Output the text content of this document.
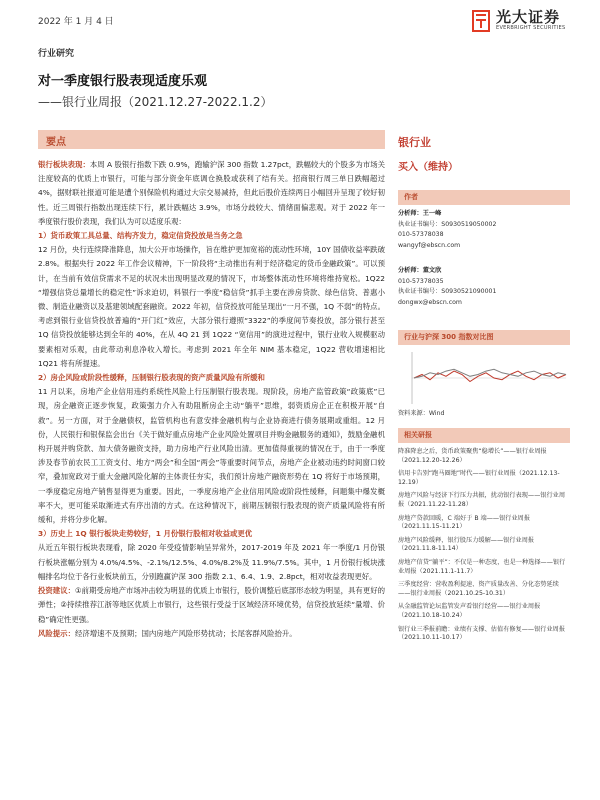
2022 年 1 月 4 日	光大证券
EVERBRIGHT SECURITIES
行业研究
对一季度银行股表现适度乐观
——银行业周报（2021.12.27-2022.1.2）
要点

银行板块表现：本周 A 股银行指数下跌 0.9%，跑输沪深 300 指数 1.27pct，跌幅较大的个股多为市场关注度较高的优质上市银行，可能与部分资金年底调仓换股或获利了结有关。招商银行周三单日跌幅超过 4%，据财联社报道可能是遭个别保险机构通过大宗交易减持，但此后股价连续两日小幅回升呈现了较好韧性。近三周银行指数出现连续下行，累计跌幅达 3.9%，市场分歧较大、情绪面偏悲观。对于 2022 年一季度银行股价表现，我们认为可以适度乐观：

1）货币政策工具总量、结构齐发力，稳定信贷投放是当务之急

12 月份，央行连续降准降息，加大公开市场操作，旨在维护更加宽裕的流动性环境，10Y 国债收益率跌破 2.8%。根据央行 2022 年工作会议精神，下一阶段将“主动推出有利于经济稳定的货币金融政策”。可以预计，在当前有效信贷需求不足的状况未出现明显改观的情况下，市场整体流动性环境将维持宽松。1Q22 “增强信贷总量增长的稳定性”诉求迫切，料银行一季度“稳信贷”抓手主要在涉房贷款、绿色信贷、普惠小微、制造业融资以及基建领域配套融资。2022 年初，信贷投放可能呈现出“一月不强，1Q 不弱”的特点。考虑到银行业信贷投放普遍的“开门红”效应，大部分银行遵照“3322”的季度间节奏投放，部分银行甚至 1Q 信贷投放能够达到全年的 40%，在从 4Q 21 到 1Q22 “宽信用”的演进过程中，银行业收入规模驱动要素相对乐观，由此带动利息净收入增长。考虑到 2021 年全年 NIM 基本稳定，1Q22 营收增速相比 1Q21 将有所提速。

2）房企风险或阶段性缓释，压制银行股表现的资产质量风险有所缓和

11 月以来，房地产企业信用违约系统性风险上行压制银行股表现。现阶段，房地产监管政策“政策底”已现，房企融资正逐步恢复，政策强力介入有助阻断房企主动“躺平”思维，弱资质房企正在积极开展“自救”。另一方面，对于金融债权，监管机构也有意安排金融机构与企业协商进行债务展期或重组。12 月份，人民银行和银保监会出台《关于做好重点房地产企业风险处置项目并购金融服务的通知》，鼓励金融机构开展并购贷款、加大债务融资支持，助力房地产行业风险出清。更加值得重视的情况在于，由于一季度涉及春节前农民工工资支付、地方“两会”和全国“两会”等重要时间节点，房地产企业被动违约时间窗口较窄，叠加宽政对于重大金融风险化解的主体责任夯实，我们预计房地产融资形势在 1Q 将好于市场预期，一季度稳定房地产销售显得更为重要。因此，一季度房地产企业信用风险或阶段性缓释，问题集中爆发概率不大，更可能采取渐进式有序出清的方式。在这种情况下，前期压制银行股表现的资产质量风险将有所缓和，并将分步化解。

3）历史上 1Q 银行板块走势较好，1 月份银行股相对收益或更优

从近五年银行板块表现看，除 2020 年受疫情影响呈异常外，2017-2019 年及 2021 年一季度/1 月份银行板块涨幅分别为 4.0%/4.5%、-2.1%/12.5%、4.0%/8.2%及 11.9%/7.5%。其中，1 月份银行板块涨幅排名均位于各行业板块前五，分别跑赢沪深 300 指数 2.1、6.4、1.9、2.8pct，相对收益表现更好。

投资建议：①前期受房地产市场冲击较为明显的优质上市银行，股价调整后底部形态较为明显，具有更好的弹性；②持续推荐江浙等地区优质上市银行，这些银行受益于区域经济环境优势，信贷投放延续“量增、价稳”确定性更强。

风险提示：经济增速不及预期；国内房地产风险形势扰动；长尾客群风险抬升。

银行业
买入（维持）
作者
分析师：王一峰
执业证书编号：S0930519050002
010-57378038
wangyf@ebscn.com
分析师：董文欣
010-57378035
执业证书编号：S0930521090001
dongwx@ebscn.com
行业与沪深 300 指数对比图
资料来源：Wind
相关研报
降准降息之后，货币政策聚焦“稳增长”——银行业周报（2021.12.20-12.26）
信用卡告别“跑马圈地”时代——银行业周报（2021.12.13-12.19）
房地产风险与经济下行压力共振，扰动银行表现——银行业周报（2021.11.22-11.28）
房地产贷款回暖，C 端好于 B 端——银行业周报（2021.11.15-11.21）
房地产风险缓释，银行股压力缓解——银行业周报（2021.11.8-11.14）
房地产信贷“躺平”：不仅是一种态度，也是一种选择——银行业周报（2021.11.1-11.7）
三季度经营：营收盈利提速、资产质量改善、分化态势延续——银行业周报（2021.10.25-10.31）
从金融监管论坛监管发声看银行经营——银行业周报（2021.10.18-10.24）
银行业三季报前瞻：业绩有支撑、估值有修复——银行业周报（2021.10.11-10.17）
